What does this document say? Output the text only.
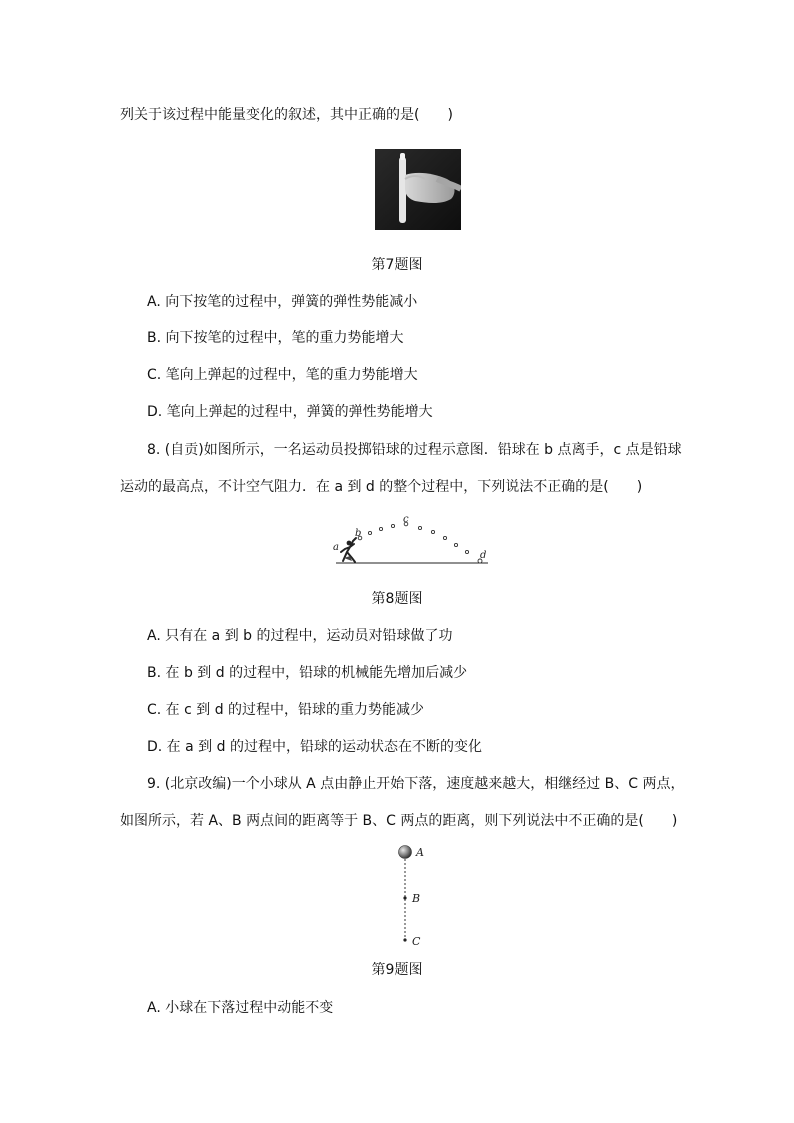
列关于该过程中能量变化的叙述，其中正确的是(　　)
第7题图
A. 向下按笔的过程中，弹簧的弹性势能减小
B. 向下按笔的过程中，笔的重力势能增大
C. 笔向上弹起的过程中，笔的重力势能增大
D. 笔向上弹起的过程中，弹簧的弹性势能增大
8. (自贡)如图所示，一名运动员投掷铅球的过程示意图．铅球在 b 点离手，c 点是铅球
运动的最高点，不计空气阻力．在 a 到 d 的整个过程中，下列说法不正确的是(　　)
a
b
c
d
第8题图
A. 只有在 a 到 b 的过程中，运动员对铅球做了功
B. 在 b 到 d 的过程中，铅球的机械能先增加后减少
C. 在 c 到 d 的过程中，铅球的重力势能减少
D. 在 a 到 d 的过程中，铅球的运动状态在不断的变化
9. (北京改编)一个小球从 A 点由静止开始下落，速度越来越大，相继经过 B、C 两点，
如图所示，若 A、B 两点间的距离等于 B、C 两点的距离，则下列说法中不正确的是(　　)
A
B
C
第9题图
A. 小球在下落过程中动能不变
